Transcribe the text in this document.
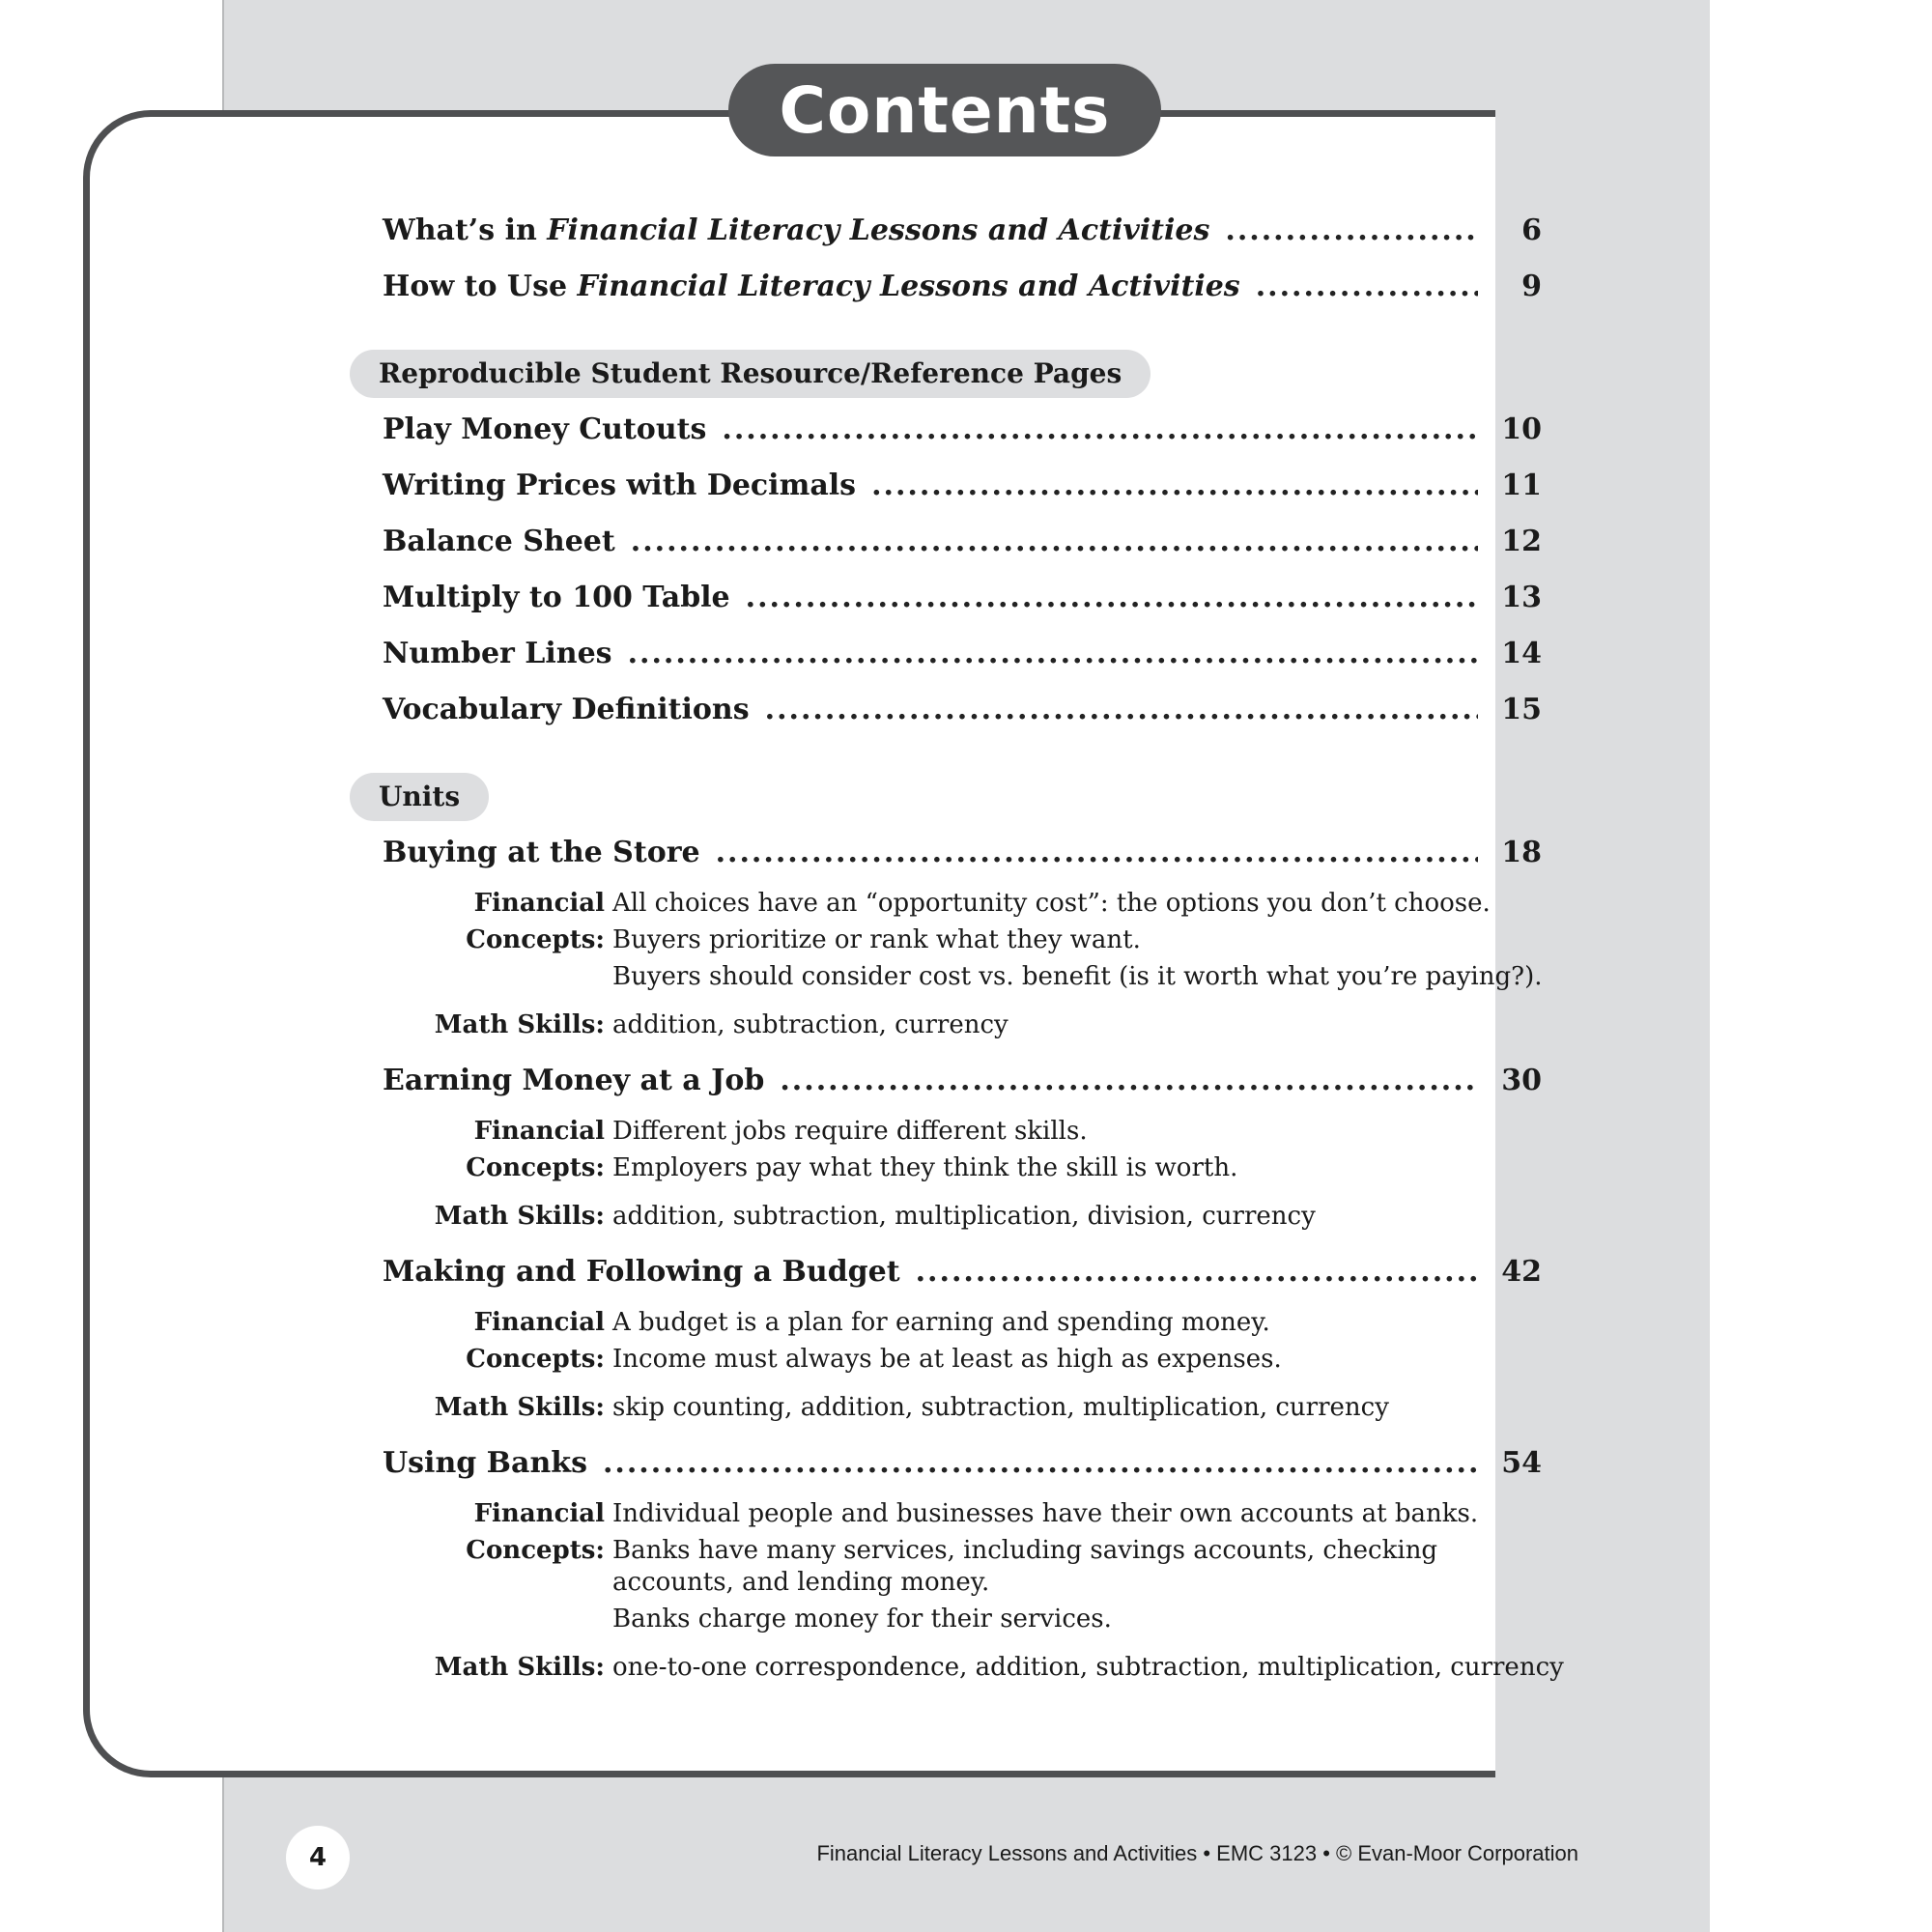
Contents
What’s in Financial Literacy Lessons and Activities .....	6
How to Use Financial Literacy Lessons and Activities .....	9
Reproducible Student Resource/Reference Pages
Play Money Cutouts .....	10
Writing Prices with Decimals .....	11
Balance Sheet .....	12
Multiply to 100 Table .....	13
Number Lines .....	14
Vocabulary Definitions .....	15
Units
Buying at the Store .....	18
Financial Concepts:
All choices have an “opportunity cost”: the options you don’t choose.
Buyers prioritize or rank what they want.
Buyers should consider cost vs. benefit (is it worth what you’re paying?).
Math Skills: addition, subtraction, currency
Earning Money at a Job .....	30
Financial Concepts:
Different jobs require different skills.
Employers pay what they think the skill is worth.
Math Skills: addition, subtraction, multiplication, division, currency
Making and Following a Budget .....	42
Financial Concepts:
A budget is a plan for earning and spending money.
Income must always be at least as high as expenses.
Math Skills: skip counting, addition, subtraction, multiplication, currency
Using Banks .....	54
Financial Concepts:
Individual people and businesses have their own accounts at banks.
Banks have many services, including savings accounts, checking accounts, and lending money.
Banks charge money for their services.
Math Skills: one-to-one correspondence, addition, subtraction, multiplication, currency
4	Financial Literacy Lessons and Activities • EMC 3123 • © Evan-Moor Corporation
